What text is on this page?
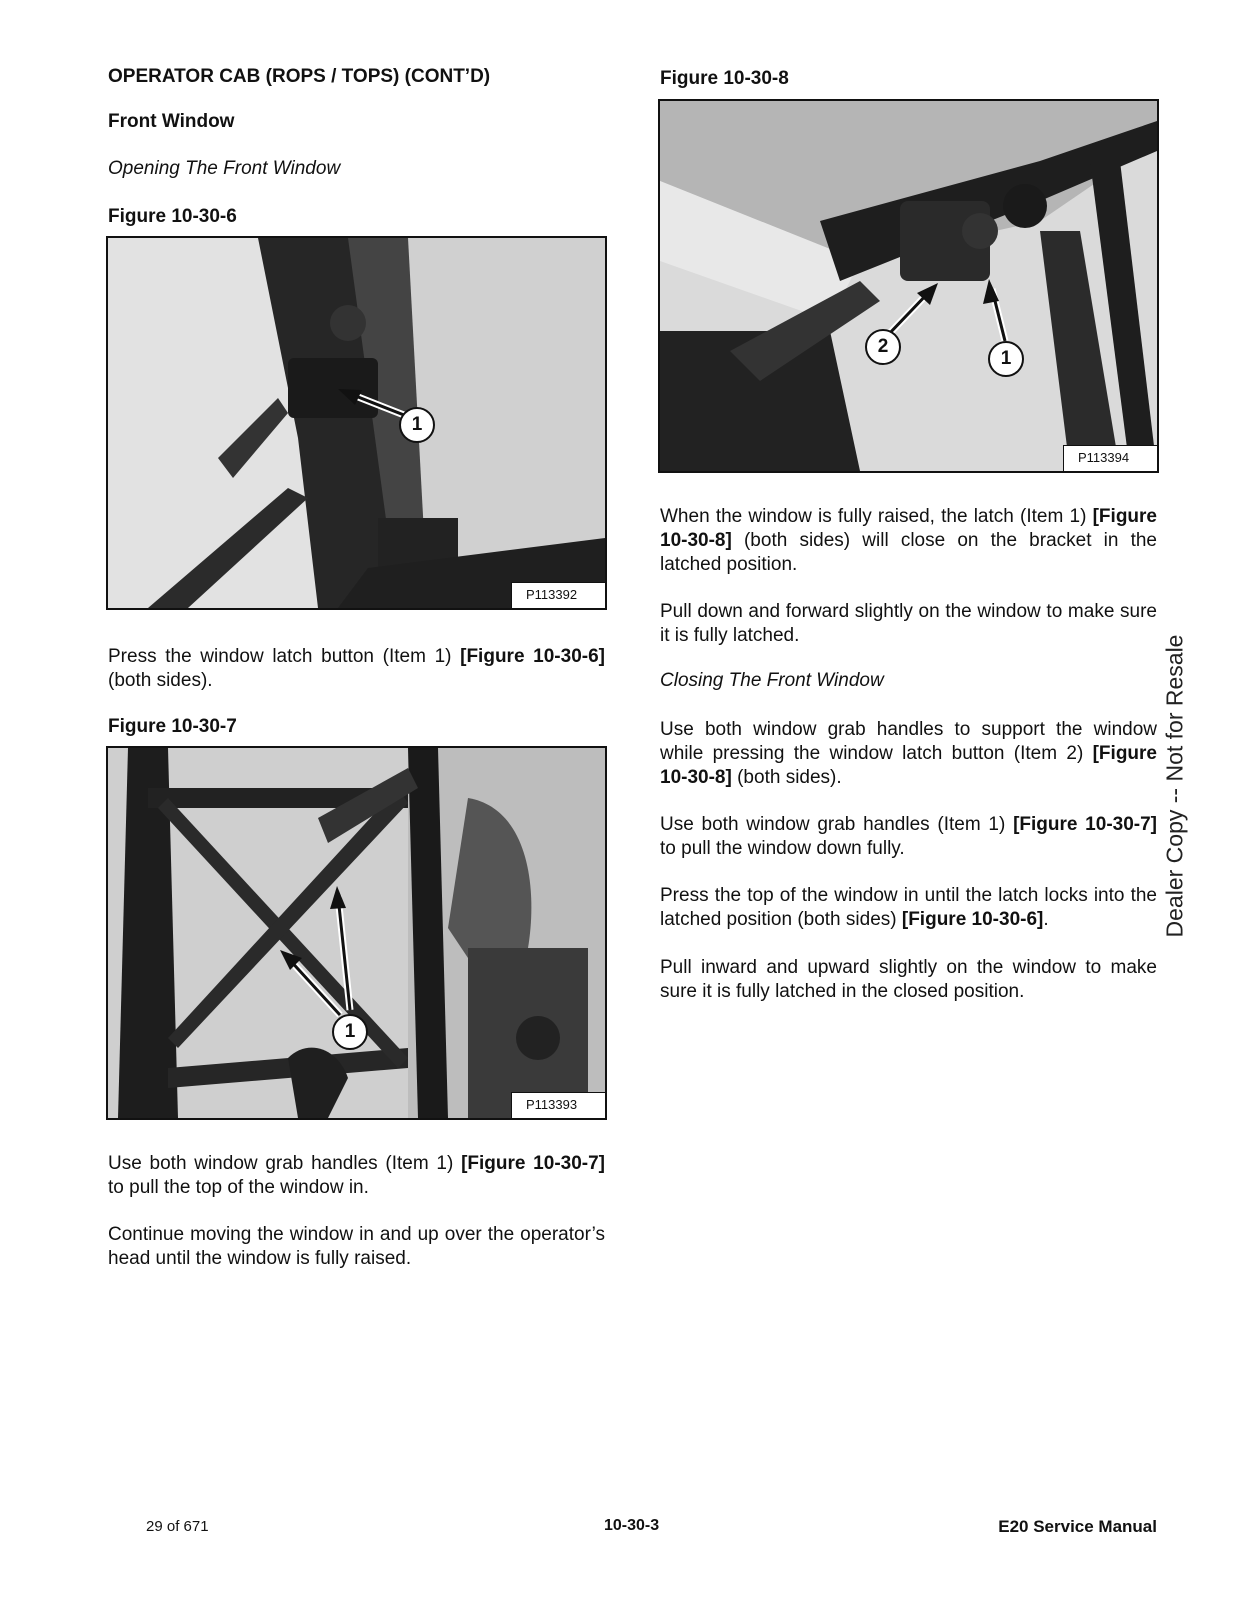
OPERATOR CAB (ROPS / TOPS) (CONT’D)
Front Window
Opening The Front Window
Figure 10-30-6
1
P113392
Press the window latch button (Item 1) [Figure 10-30-6] (both sides).
Figure 10-30-7
1
P113393
Use both window grab handles (Item 1) [Figure 10-30-7] to pull the top of the window in.
Continue moving the window in and up over the operator’s head until the window is fully raised.
Figure 10-30-8
2
1
P113394
When the window is fully raised, the latch (Item 1) [Figure 10-30-8] (both sides) will close on the bracket in the latched position.
Pull down and forward slightly on the window to make sure it is fully latched.
Closing The Front Window
Use both window grab handles to support the window while pressing the window latch button (Item 2) [Figure 10-30-8] (both sides).
Use both window grab handles (Item 1) [Figure 10-30-7] to pull the window down fully.
Press the top of the window in until the latch locks into the latched position (both sides) [Figure 10-30-6].
Pull inward and upward slightly on the window to make sure it is fully latched in the closed position.
Dealer Copy -- Not for Resale
29 of 671	10-30-3	E20 Service Manual
